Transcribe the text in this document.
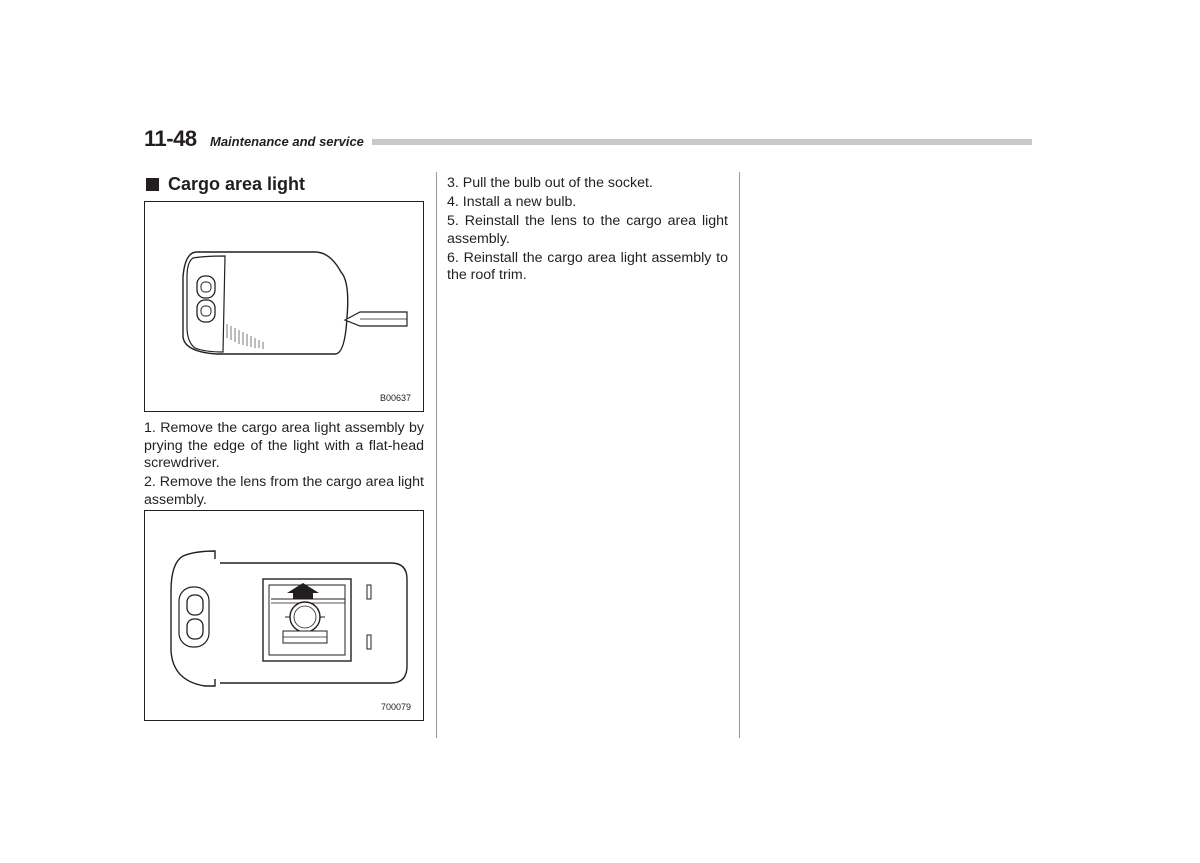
11-48 Maintenance and service
Cargo area light
B00637

1. Remove the cargo area light assembly by prying the edge of the light with a flat-head screwdriver.

2. Remove the lens from the cargo area light assembly.

700079

3. Pull the bulb out of the socket.

4. Install a new bulb.

5. Reinstall the lens to the cargo area light assembly.

6. Reinstall the cargo area light assembly to the roof trim.
